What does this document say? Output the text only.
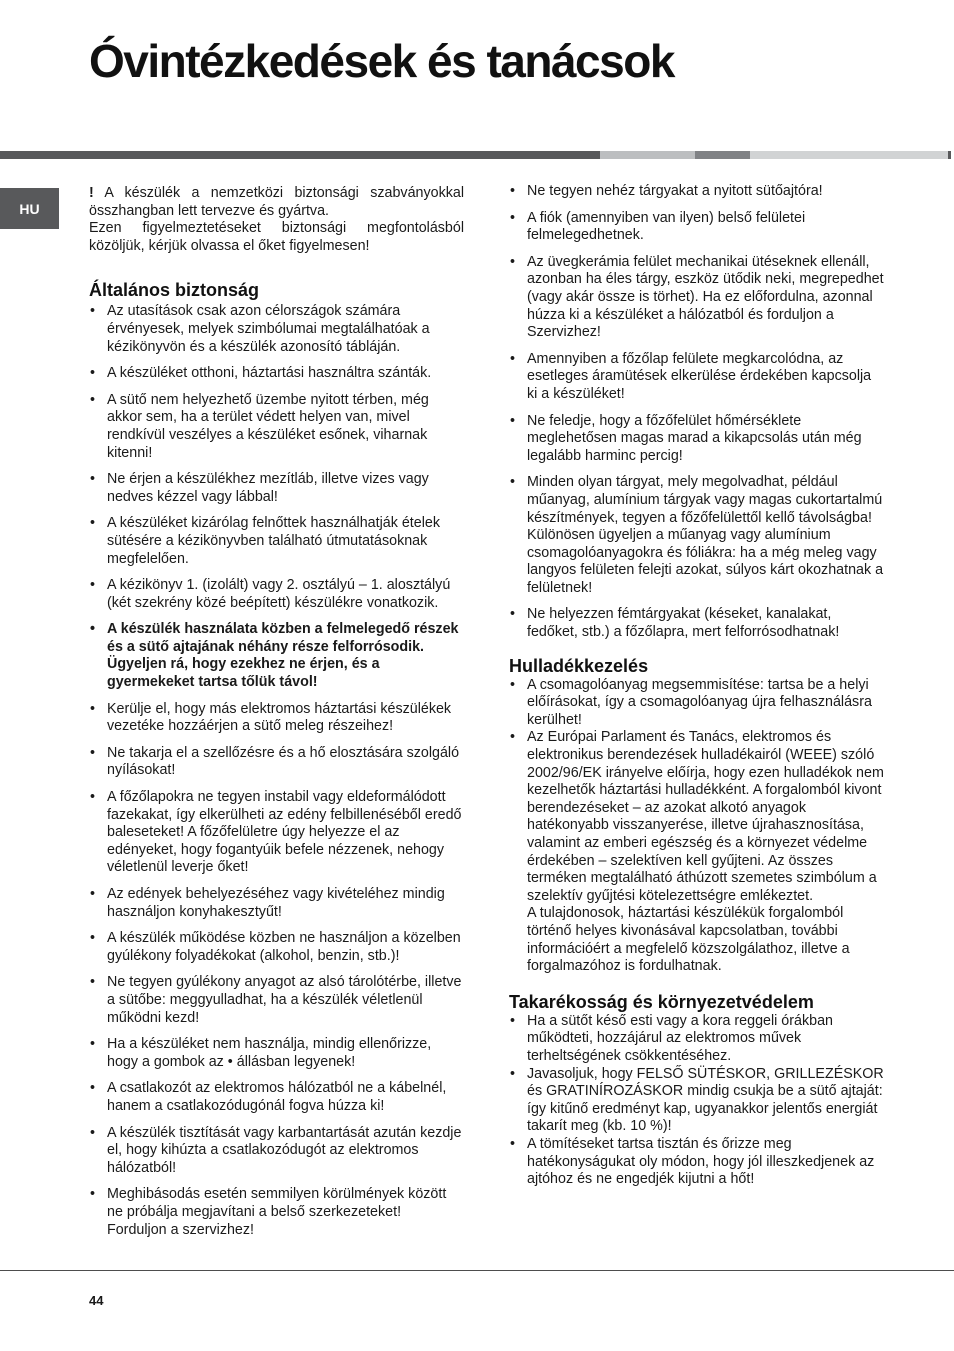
Óvintézkedések és tanácsok
HU

! A készülék a nemzetközi biztonsági szabványokkal összhangban lett tervezve és gyártva.
Ezen figyelmeztetéseket biztonsági megfontolásból közöljük, kérjük olvassa el őket figyelmesen!

Általános biztonság
• Az utasítások csak azon célországok számára érvényesek, melyek szimbólumai megtalálhatóak a kézikönyvön és a készülék azonosító tábláján.
• A készüléket otthoni, háztartási használtra szánták.
• A sütő nem helyezhető üzembe nyitott térben, még akkor sem, ha a terület védett helyen van, mivel rendkívül veszélyes a készüléket esőnek, viharnak kitenni!
• Ne érjen a készülékhez mezítláb, illetve vizes vagy nedves kézzel vagy lábbal!
• A készüléket kizárólag felnőttek használhatják ételek sütésére a kézikönyvben található útmutatásoknak megfelelően.
• A kézikönyv 1. (izolált) vagy 2. osztályú – 1. alosztályú (két szekrény közé beépített) készülékre vonatkozik.
• A készülék használata közben a felmelegedő részek és a sütő ajtajának néhány része felforrósodik. Ügyeljen rá, hogy ezekhez ne érjen, és a gyermekeket tartsa tőlük távol!
• Kerülje el, hogy más elektromos háztartási készülékek vezetéke hozzáérjen a sütő meleg részeihez!
• Ne takarja el a szellőzésre és a hő elosztására szolgáló nyílásokat!
• A főzőlapokra ne tegyen instabil vagy eldeformálódott fazekakat, így elkerülheti az edény felbillenéséből eredő baleseteket! A főzőfelületre úgy helyezze el az edényeket, hogy fogantyúik befele nézzenek, nehogy véletlenül leverje őket!
• Az edények behelyezéséhez vagy kivételéhez mindig használjon konyhakesztyűt!
• A készülék működése közben ne használjon a közelben gyúlékony folyadékokat (alkohol, benzin, stb.)!
• Ne tegyen gyúlékony anyagot az alsó tárolótérbe, illetve a sütőbe: meggyulladhat, ha a készülék véletlenül működni kezd!
• Ha a készüléket nem használja, mindig ellenőrizze, hogy a gombok az • állásban legyenek!
• A csatlakozót az elektromos hálózatból ne a kábelnél, hanem a csatlakozódugónál fogva húzza ki!
• A készülék tisztítását vagy karbantartását azután kezdje el, hogy kihúzta a csatlakozódugót az elektromos hálózatból!
• Meghibásodás esetén semmilyen körülmények között ne próbálja megjavítani a belső szerkezeteket! Forduljon a szervizhez!
• Ne tegyen nehéz tárgyakat a nyitott sütőajtóra!
• A fiók (amennyiben van ilyen) belső felületei felmelegedhetnek.
• Az üvegkerámia felület mechanikai ütéseknek ellenáll, azonban ha éles tárgy, eszköz ütődik neki, megrepedhet (vagy akár össze is törhet). Ha ez előfordulna, azonnal húzza ki a készüléket a hálózatból és forduljon a Szervizhez!
• Amennyiben a főzőlap felülete megkarcolódna, az esetleges áramütések elkerülése érdekében kapcsolja ki a készüléket!
• Ne feledje, hogy a főzőfelület hőmérséklete meglehetősen magas marad a kikapcsolás után még legalább harminc percig!
• Minden olyan tárgyat, mely megolvadhat, például műanyag, alumínium tárgyak vagy magas cukortartalmú készítmények, tegyen a főzőfelülettől kellő távolságba! Különösen ügyeljen a műanyag vagy alumínium csomagolóanyagokra és fóliákra: ha a még meleg vagy langyos felületen felejti azokat, súlyos kárt okozhatnak a felületnek!
• Ne helyezzen fémtárgyakat (késeket, kanalakat, fedőket, stb.) a főzőlapra, mert felforrósodhatnak!
Hulladékkezelés
• A csomagolóanyag megsemmisítése: tartsa be a helyi előírásokat, így a csomagolóanyag újra felhasználásra kerülhet!
• Az Európai Parlament és Tanács, elektromos és elektronikus berendezések hulladékairól (WEEE) szóló 2002/96/EK irányelve előírja, hogy ezen hulladékok nem kezelhetők háztartási hulladékként. A forgalomból kivont berendezéseket – az azokat alkotó anyagok hatékonyabb visszanyerése, illetve újrahasznosítása, valamint az emberi egészség és a környezet védelme érdekében – szelektíven kell gyűjteni. Az összes terméken megtalálható áthúzott szemetes szimbólum a szelektív gyűjtési kötelezettségre emlékeztet.

A tulajdonosok, háztartási készülékük forgalomból történő helyes kivonásával kapcsolatban, további információért a megfelelő közszolgálathoz, illetve a forgalmazóhoz is fordulhatnak.

Takarékosság és környezetvédelem
• Ha a sütőt késő esti vagy a kora reggeli órákban működteti, hozzájárul az elektromos művek terheltségének csökkentéséhez.
• Javasoljuk, hogy FELSŐ SÜTÉSKOR, GRILLEZÉSKOR és GRATINÍROZÁSKOR mindig csukja be a sütő ajtaját: így kitűnő eredményt kap, ugyanakkor jelentős energiát takarít meg (kb. 10 %)!
• A tömítéseket tartsa tisztán és őrizze meg hatékonyságukat oly módon, hogy jól illeszkedjenek az ajtóhoz és ne engedjék kijutni a hőt!
44
